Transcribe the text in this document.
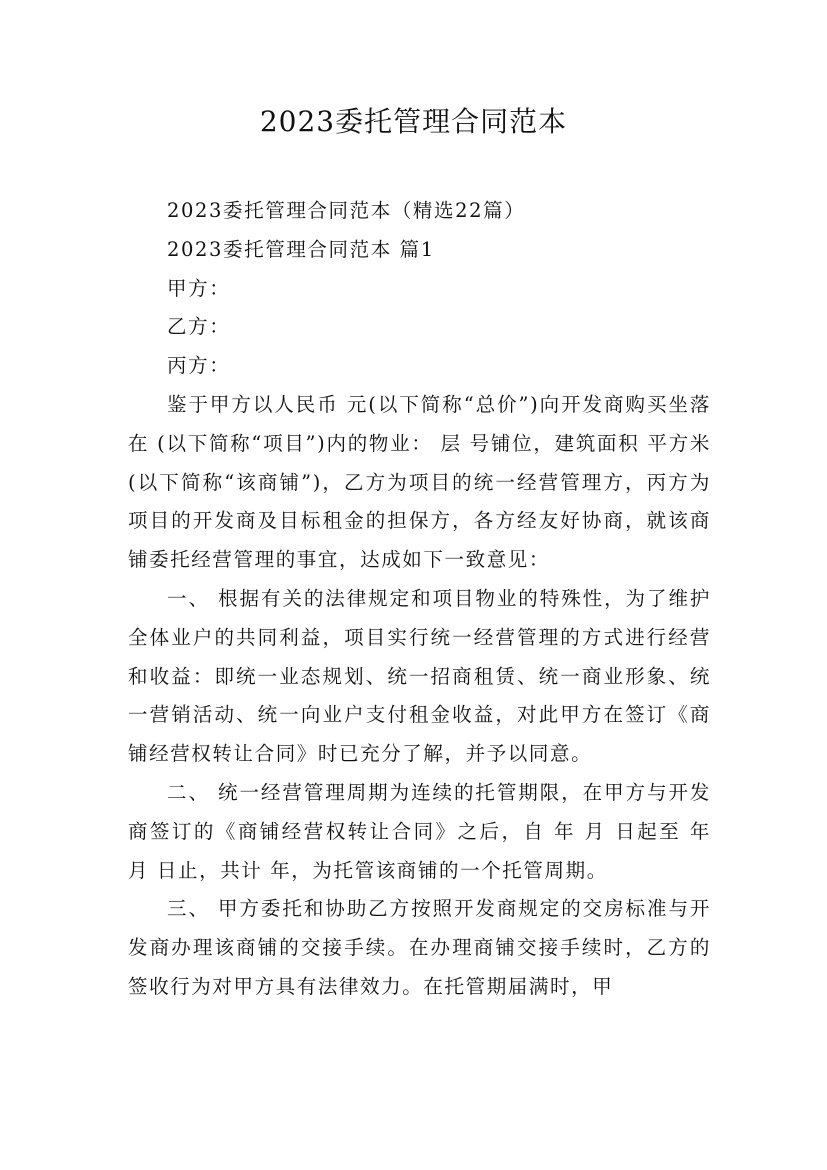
2023委托管理合同范本

2023委托管理合同范本（精选22篇）

2023委托管理合同范本 篇1

甲方：

乙方：

丙方：

鉴于甲方以人民币 元(以下简称“总价”)向开发商购买坐落 在 (以下简称“项目”)内的物业： 层 号铺位，建筑面积 平方米(以下简称“该商铺”)，乙方为项目的统一经营管理方，丙方为项目的开发商及目标租金的担保方，各方经友好协商，就该商铺委托经营管理的事宜，达成如下一致意见：

一、 根据有关的法律规定和项目物业的特殊性，为了维护全体业户的共同利益，项目实行统一经营管理的方式进行经营和收益：即统一业态规划、统一招商租赁、统一商业形象、统一营销活动、统一向业户支付租金收益，对此甲方在签订《商铺经营权转让合同》时已充分了解，并予以同意。

二、 统一经营管理周期为连续的托管期限，在甲方与开发商签订的《商铺经营权转让合同》之后，自 年 月 日起至 年 月 日止，共计 年，为托管该商铺的一个托管周期。

三、 甲方委托和协助乙方按照开发商规定的交房标准与开发商办理该商铺的交接手续。在办理商铺交接手续时，乙方的签收行为对甲方具有法律效力。在托管期届满时，甲
